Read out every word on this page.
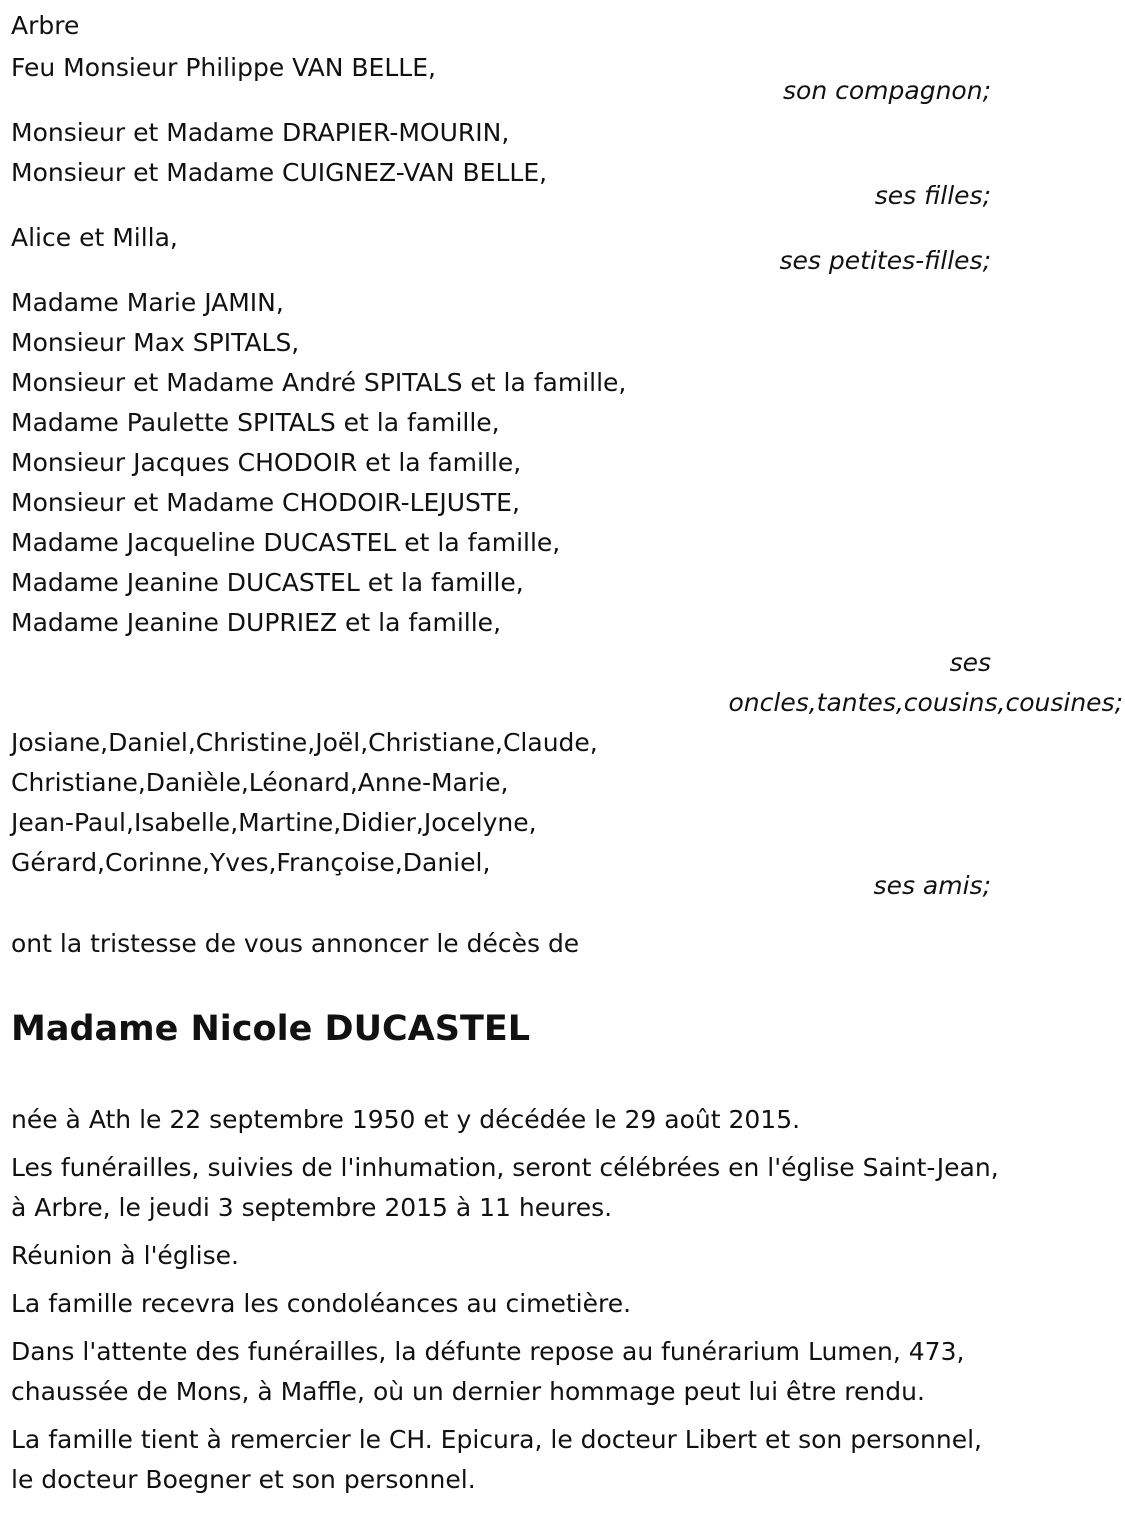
Arbre
Feu Monsieur Philippe VAN BELLE,
son compagnon;
Monsieur et Madame DRAPIER-MOURIN,
Monsieur et Madame CUIGNEZ-VAN BELLE,
ses filles;
Alice et Milla,
ses petites-filles;
Madame Marie JAMIN,
Monsieur Max SPITALS,
Monsieur et Madame André SPITALS et la famille,
Madame Paulette SPITALS et la famille,
Monsieur Jacques CHODOIR et la famille,
Monsieur et Madame CHODOIR-LEJUSTE,
Madame Jacqueline DUCASTEL et la famille,
Madame Jeanine DUCASTEL et la famille,
Madame Jeanine DUPRIEZ et la famille,
ses
oncles,tantes,cousins,cousines;
Josiane,Daniel,Christine,Joël,Christiane,Claude,
Christiane,Danièle,Léonard,Anne-Marie,
Jean-Paul,Isabelle,Martine,Didier,Jocelyne,
Gérard,Corinne,Yves,Françoise,Daniel,
ses amis;
ont la tristesse de vous annoncer le décès de
Madame Nicole DUCASTEL

née à Ath le 22 septembre 1950 et y décédée le 29 août 2015.

Les funérailles, suivies de l'inhumation, seront célébrées en l'église Saint-Jean, à Arbre, le jeudi 3 septembre 2015 à 11 heures.

Réunion à l'église.

La famille recevra les condoléances au cimetière.

Dans l'attente des funérailles, la défunte repose au funérarium Lumen, 473, chaussée de Mons, à Maffle, où un dernier hommage peut lui être rendu.

La famille tient à remercier le CH. Epicura, le docteur Libert et son personnel, le docteur Boegner et son personnel.
